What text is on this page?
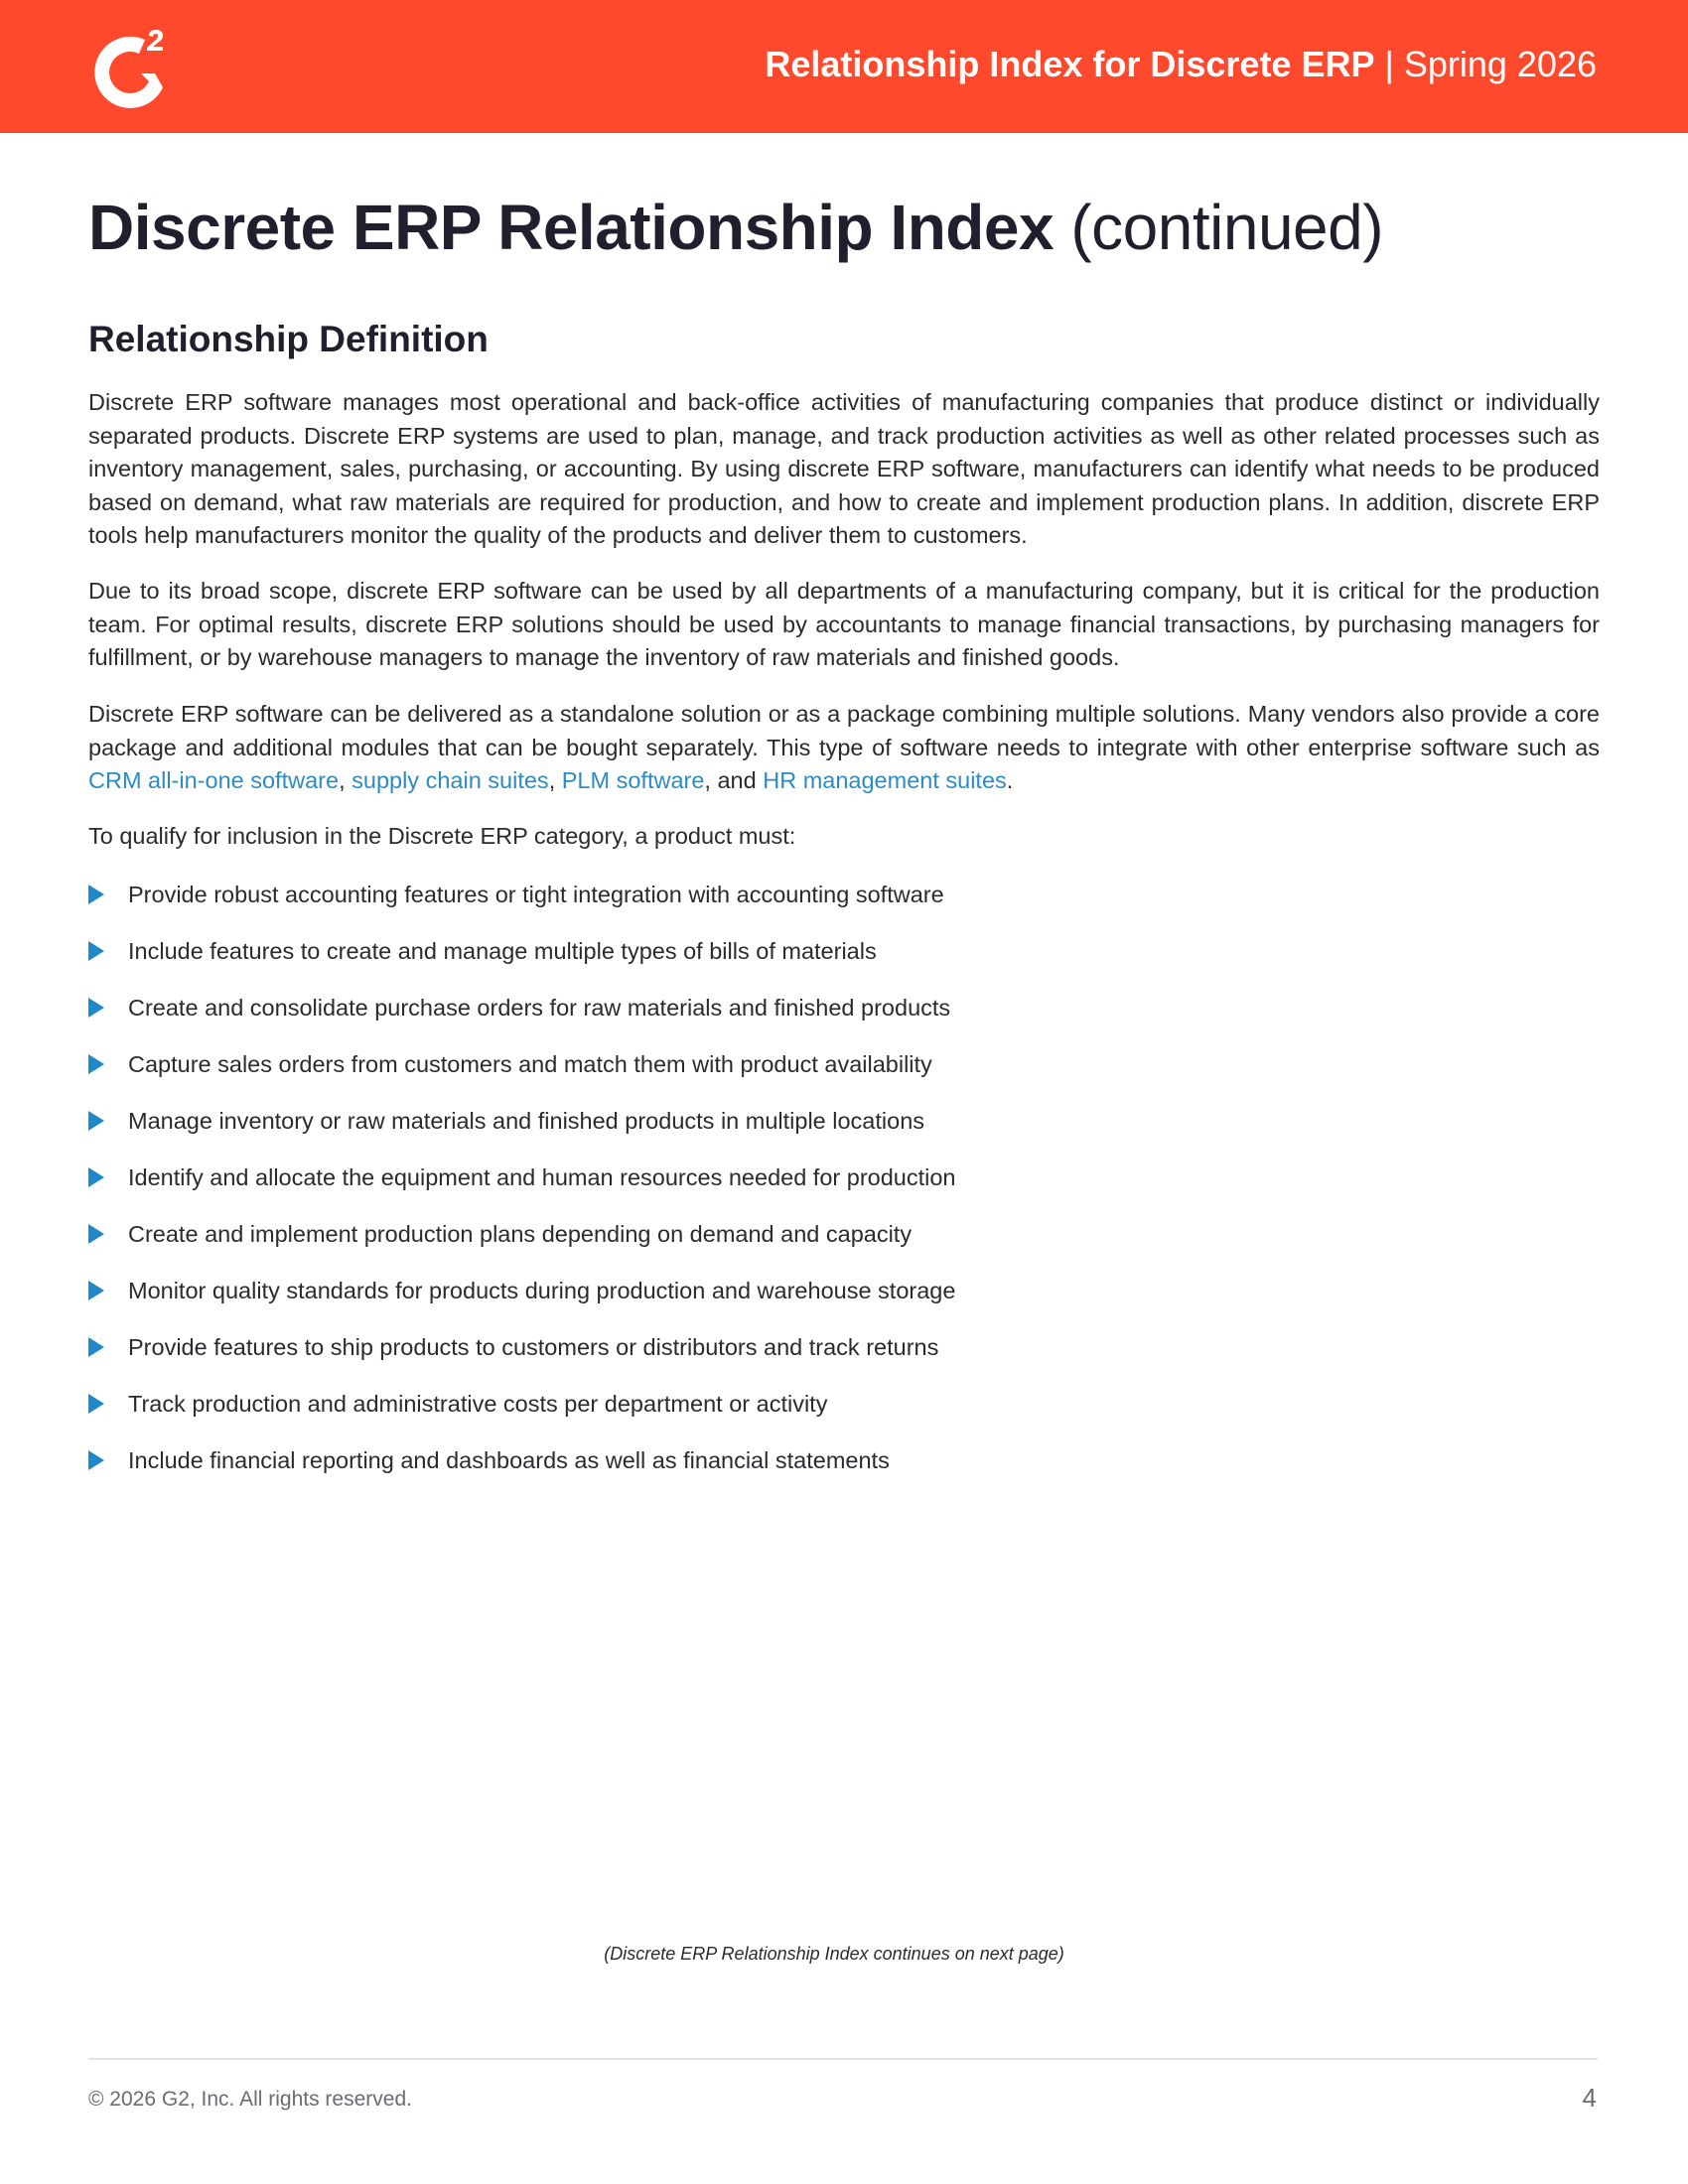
Relationship Index for Discrete ERP | Spring 2026
Discrete ERP Relationship Index (continued)
Relationship Definition

Discrete ERP software manages most operational and back-office activities of manufacturing companies that produce distinct or individually separated products. Discrete ERP systems are used to plan, manage, and track production activities as well as other related processes such as inventory management, sales, purchasing, or accounting. By using discrete ERP software, manufacturers can identify what needs to be produced based on demand, what raw materials are required for production, and how to create and implement production plans. In addition, discrete ERP tools help manufacturers monitor the quality of the products and deliver them to customers.

Due to its broad scope, discrete ERP software can be used by all departments of a manufacturing company, but it is critical for the production team. For optimal results, discrete ERP solutions should be used by accountants to manage financial transactions, by purchasing managers for fulfillment, or by warehouse managers to manage the inventory of raw materials and finished goods.

Discrete ERP software can be delivered as a standalone solution or as a package combining multiple solutions. Many vendors also provide a core package and additional modules that can be bought separately. This type of software needs to integrate with other enterprise software such as CRM all-in-one software, supply chain suites, PLM software, and HR management suites.

To qualify for inclusion in the Discrete ERP category, a product must:

Provide robust accounting features or tight integration with accounting software
Include features to create and manage multiple types of bills of materials
Create and consolidate purchase orders for raw materials and finished products
Capture sales orders from customers and match them with product availability
Manage inventory or raw materials and finished products in multiple locations
Identify and allocate the equipment and human resources needed for production
Create and implement production plans depending on demand and capacity
Monitor quality standards for products during production and warehouse storage
Provide features to ship products to customers or distributors and track returns
Track production and administrative costs per department or activity
Include financial reporting and dashboards as well as financial statements
(Discrete ERP Relationship Index continues on next page)
© 2026 G2, Inc. All rights reserved.	4
